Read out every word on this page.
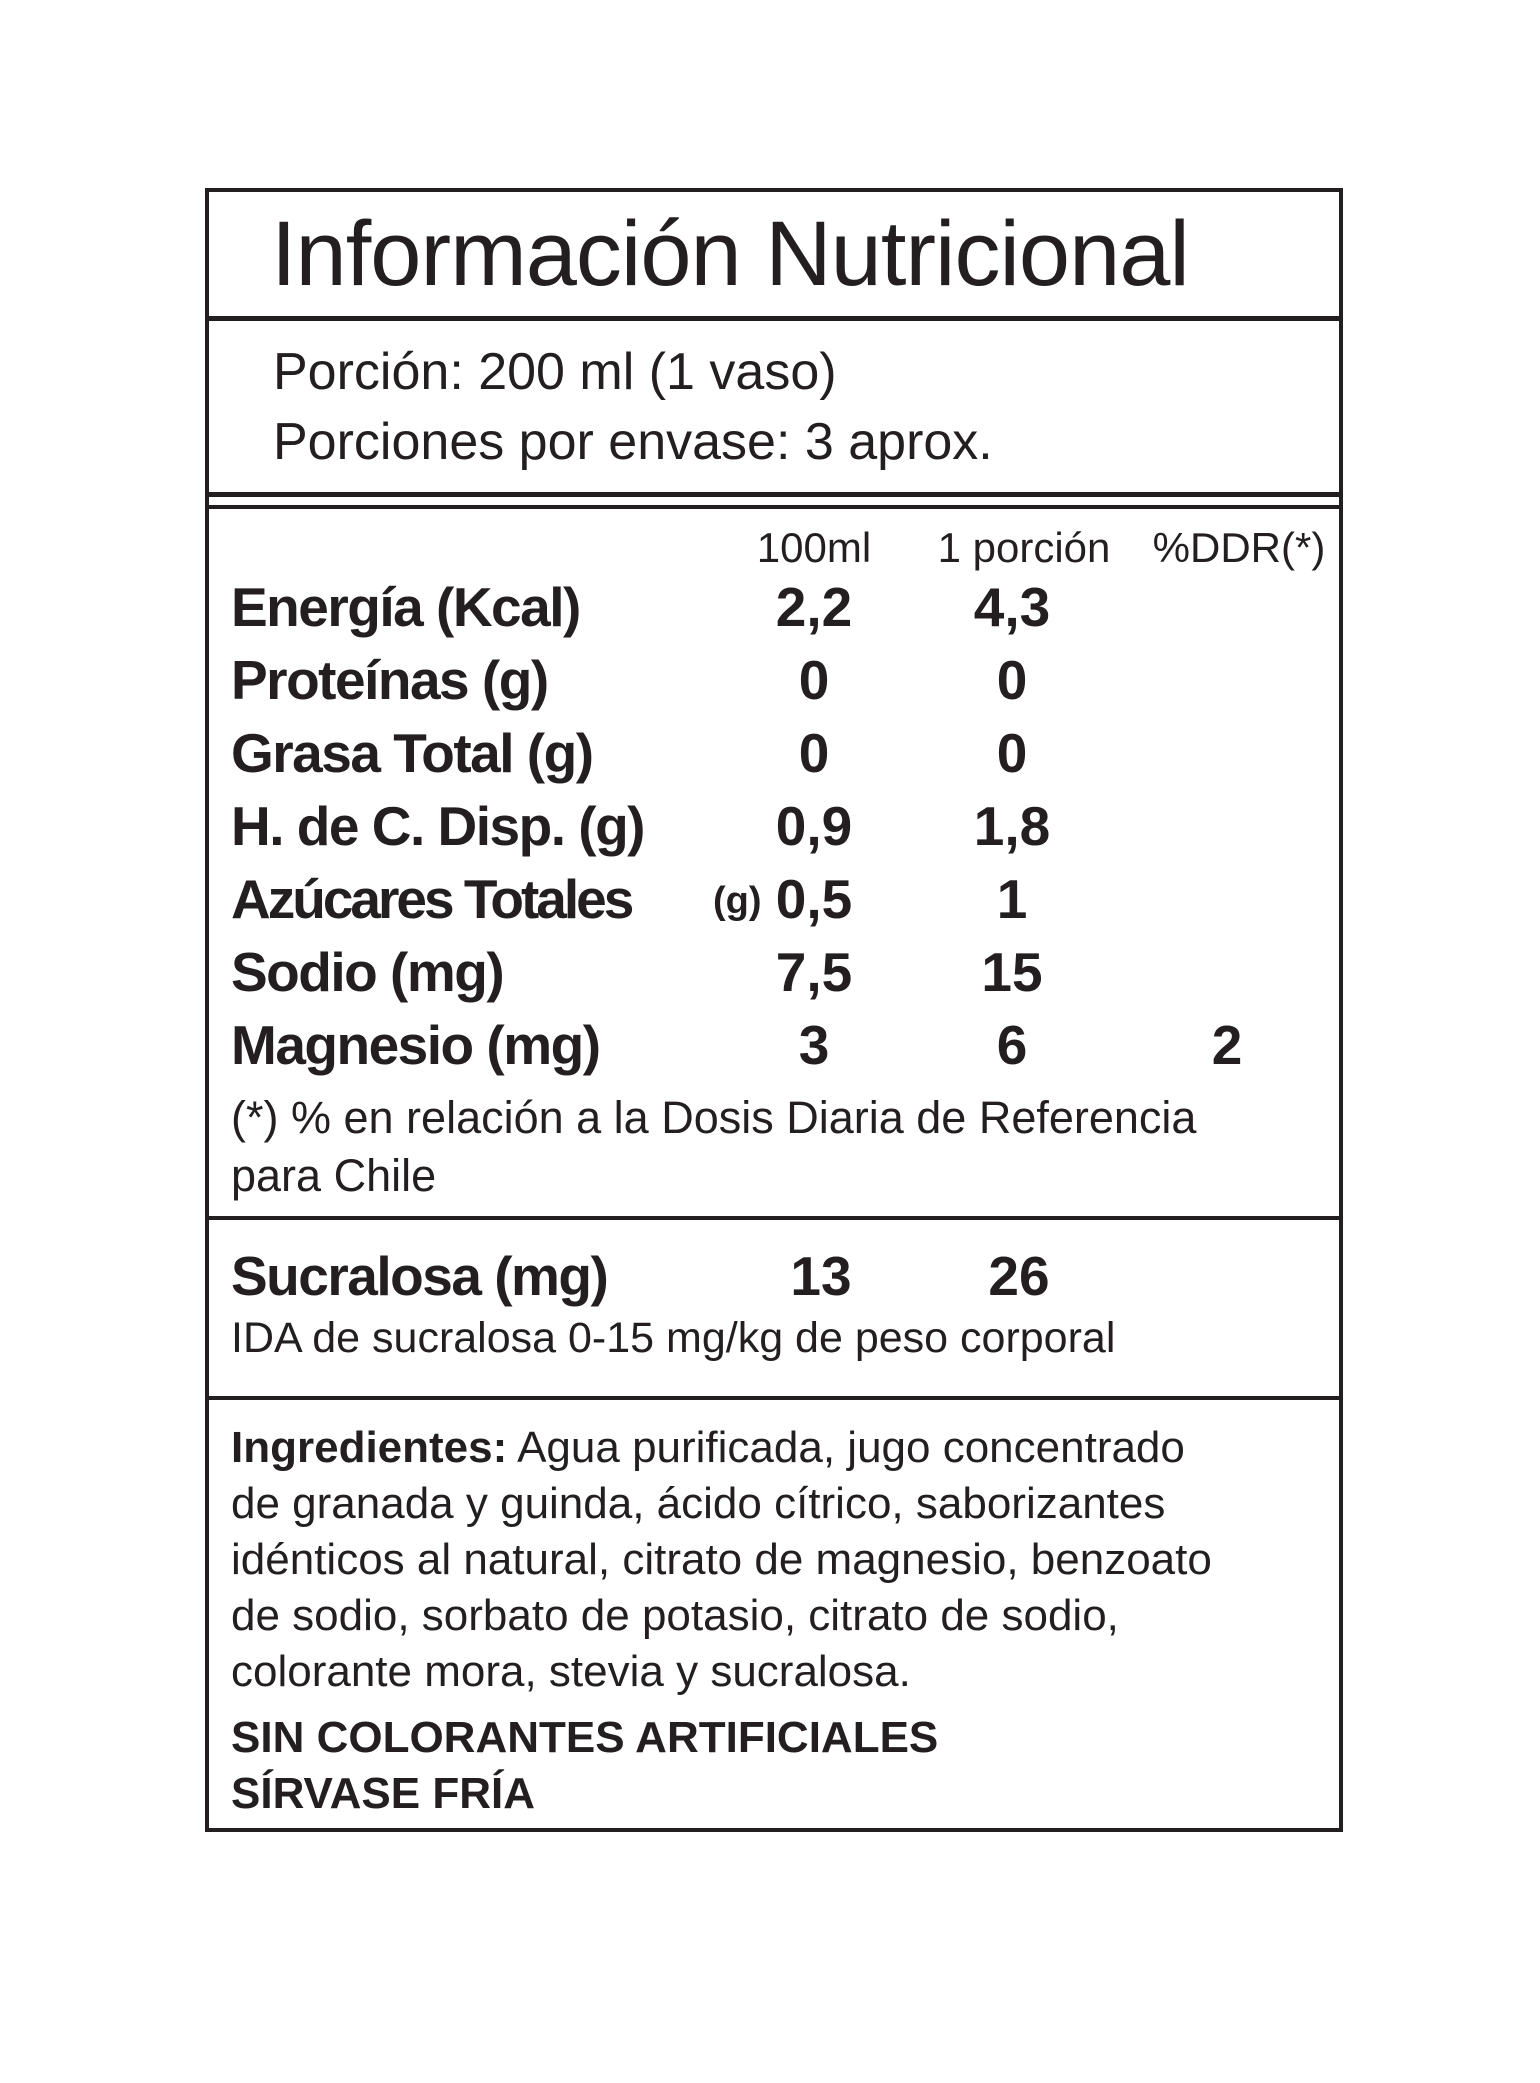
Información Nutricional
Porción: 200 ml (1 vaso)
Porciones por envase: 3 aprox.
100ml	1 porción	%DDR(*)
Energía (Kcal)	2,2	4,3
Proteínas (g)	0	0
Grasa Total (g)	0	0
H. de C. Disp. (g)	0,9	1,8
Azúcares Totales (g) 0,5	1
Sodio (mg)	7,5	15
Magnesio (mg)	3	6	2
(*) % en relación a la Dosis Diaria de Referencia
para Chile
Sucralosa (mg)	13	26
IDA de sucralosa 0-15 mg/kg de peso corporal
Ingredientes: Agua purificada, jugo concentrado
de granada y guinda, ácido cítrico, saborizantes
idénticos al natural, citrato de magnesio, benzoato
de sodio, sorbato de potasio, citrato de sodio,
colorante mora, stevia y sucralosa.
SIN COLORANTES ARTIFICIALES
SÍRVASE FRÍA
